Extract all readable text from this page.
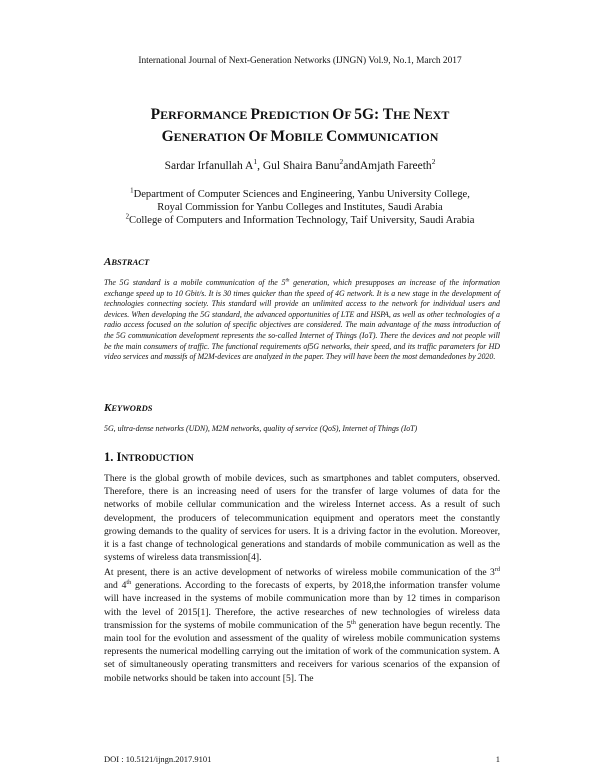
International Journal of Next-Generation Networks (IJNGN) Vol.9, No.1, March 2017
PERFORMANCE PREDICTION OF 5G: THE NEXT
GENERATION OF MOBILE COMMUNICATION
Sardar Irfanullah $A^1$, Gul Shaira Banu$^2$andAmjath Fareeth$^2$
$^1$Department of Computer Sciences and Engineering, Yanbu University College,
Royal Commission for Yanbu Colleges and Institutes, Saudi Arabia
$^2$College of Computers and Information Technology, Taif University, Saudi Arabia
ABSTRACT
The 5G standard is a mobile communication of the 5th generation, which presupposes an increase of the information exchange speed up to 10 Gbit/s. It is 30 times quicker than the speed of 4G network. It is a new stage in the development of technologies connecting society. This standard will provide an unlimited access to the network for individual users and devices. When developing the 5G standard, the advanced opportunities of LTE and HSPA, as well as other technologies of a radio access focused on the solution of specific objectives are considered. The main advantage of the mass introduction of the 5G communication development represents the so-called Internet of Things (IoT). There the devices and not people will be the main consumers of traffic. The functional requirements of5G networks, their speed, and its traffic parameters for HD video services and massifs of M2M-devices are analyzed in the paper. They will have been the most demandedones by 2020.
KEYWORDS
5G, ultra-dense networks (UDN), M2M networks, quality of service (QoS), Internet of Things (IoT)
1. INTRODUCTION

There is the global growth of mobile devices, such as smartphones and tablet computers, observed. Therefore, there is an increasing need of users for the transfer of large volumes of data for the networks of mobile cellular communication and the wireless Internet access. As a result of such development, the producers of telecommunication equipment and operators meet the constantly growing demands to the quality of services for users. It is a driving factor in the evolution. Moreover, it is a fast change of technological generations and standards of mobile communication as well as the systems of wireless data transmission[4].

At present, there is an active development of networks of wireless mobile communication of the 3rd and 4th generations. According to the forecasts of experts, by 2018,the information transfer volume will have increased in the systems of mobile communication more than by 12 times in comparison with the level of 2015[1]. Therefore, the active researches of new technologies of wireless data transmission for the systems of mobile communication of the 5th generation have begun recently. The main tool for the evolution and assessment of the quality of wireless mobile communication systems represents the numerical modelling carrying out the imitation of work of the communication system. A set of simultaneously operating transmitters and receivers for various scenarios of the expansion of mobile networks should be taken into account [5]. The

DOI : 10.5121/ijngn.2017.9101	1
